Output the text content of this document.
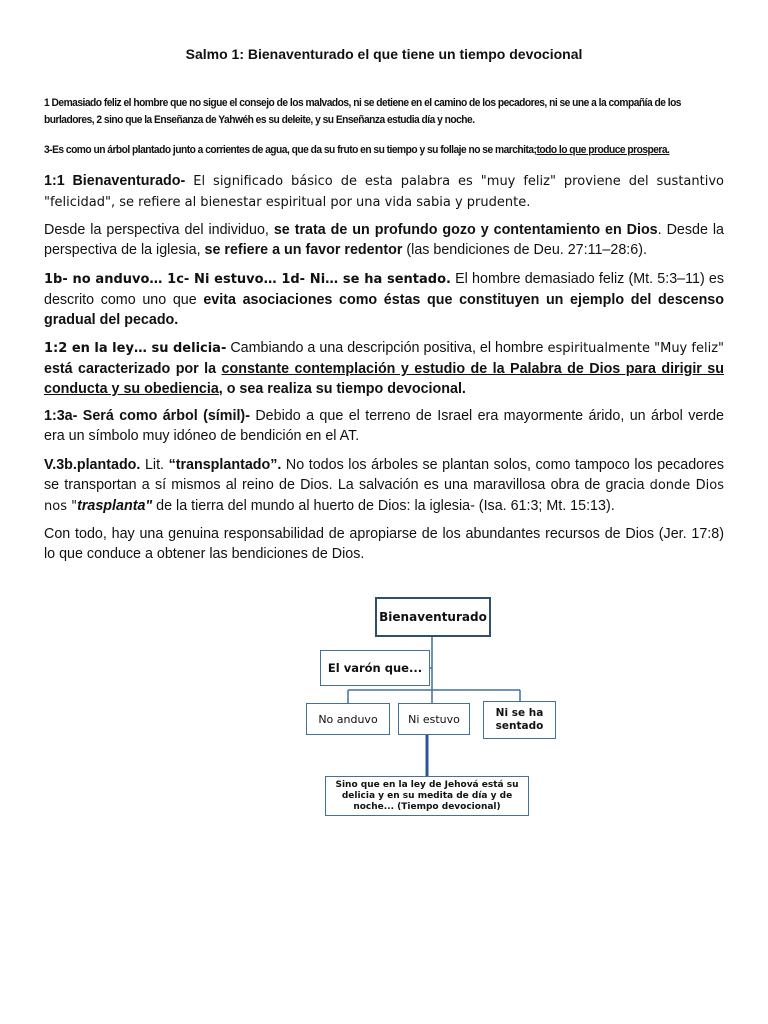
Salmo 1: Bienaventurado el que tiene un tiempo devocional
1 Demasiado feliz el hombre que no sigue el consejo de los malvados, ni se detiene en el camino de los pecadores, ni se une a la compañía de los burladores, 2 sino que la Enseñanza de Yahwéh es su deleite, y su Enseñanza estudia día y noche.
3-Es como un árbol plantado junto a corrientes de agua, que da su fruto en su tiempo y su follaje no se marchita;todo lo que produce prospera.
1:1 Bienaventurado- El significado básico de esta palabra es "muy feliz" proviene del sustantivo "felicidad", se refiere al bienestar espiritual por una vida sabia y prudente.
Desde la perspectiva del individuo, se trata de un profundo gozo y contentamiento en Dios. Desde la perspectiva de la iglesia, se refiere a un favor redentor (las bendiciones de Deu. 27:11–28:6).
1b- no anduvo… 1c- Ni estuvo… 1d- Ni… se ha sentado. El hombre demasiado feliz (Mt. 5:3–11) es descrito como uno que evita asociaciones como éstas que constituyen un ejemplo del descenso gradual del pecado.
1:2 en la ley… su delicia- Cambiando a una descripción positiva, el hombre espiritualmente "Muy feliz" está caracterizado por la constante contemplación y estudio de la Palabra de Dios para dirigir su conducta y su obediencia, o sea realiza su tiempo devocional.
1:3a- Será como árbol (símil)- Debido a que el terreno de Israel era mayormente árido, un árbol verde era un símbolo muy idóneo de bendición en el AT.
V.3b.plantado. Lit. “transplantado”. No todos los árboles se plantan solos, como tampoco los pecadores se transportan a sí mismos al reino de Dios. La salvación es una maravillosa obra de gracia donde Dios nos "trasplanta" de la tierra del mundo al huerto de Dios: la iglesia- (Isa. 61:3; Mt. 15:13).
Con todo, hay una genuina responsabilidad de apropiarse de los abundantes recursos de Dios (Jer. 17:8) lo que conduce a obtener las bendiciones de Dios.
Bienaventurado
El varón que...
No anduvo	Ni estuvo	Ni se ha sentado
Sino que en la ley de Jehová está su delicia y en su medita de día y de noche... (Tiempo devocional)
